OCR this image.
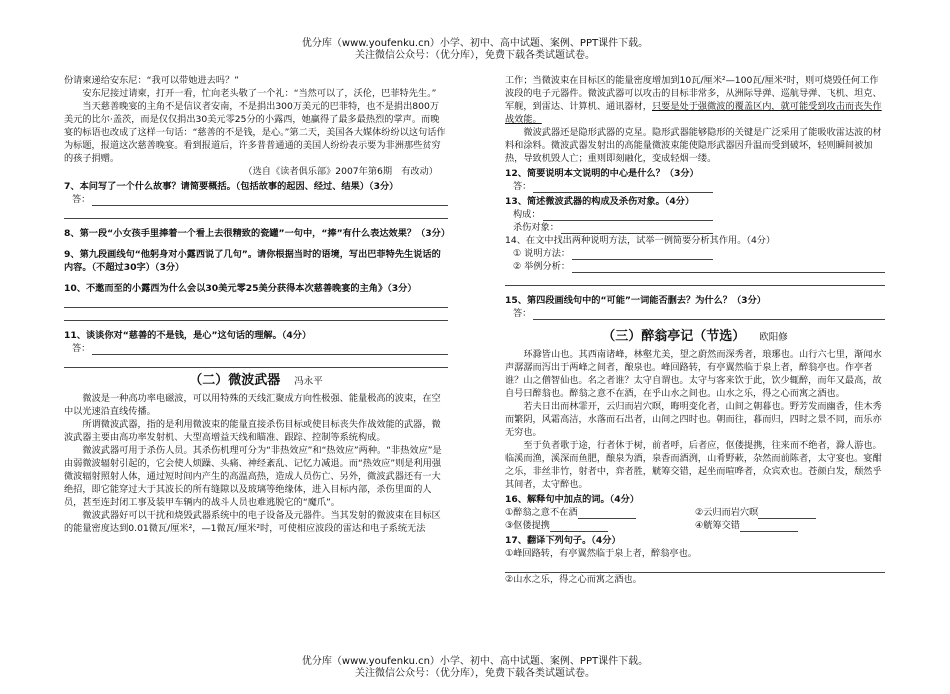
优分库（www.youfenku.cn）小学、初中、高中试题、案例、PPT课件下载。
关注微信公众号：（优分库），免费下载各类试题试卷。

份请柬递给安东尼：“我可以带她进去吗？”

安东尼接过请柬，打开一看，忙向老头敬了一个礼：“当然可以了，沃伦，巴菲特先生。”

当天慈善晚宴的主角不是信议者安南，不是捐出300万美元的巴菲特，也不是捐出800万美元的比尔·盖茨，而是仅仅捐出30美元零25分的小露西，她赢得了最多最热烈的掌声。而晚宴的标语也改成了这样一句话：“慈善的不是钱，是心。”第二天，美国各大媒体纷纷以这句话作为标题，报道这次慈善晚宴。看到报道后，许多普普通通的美国人纷纷表示要为非洲那些贫穷的孩子捐赠。

（选自《读者俱乐部》2007年第6期　有改动）

7、本问写了一个什么故事？请简要概括。（包括故事的起因、经过、结果）（3分）

答：

8、第一段“小女孩手里捧着一个看上去很精致的瓷罐”一句中，“捧”有什么表达效果？（3分）

9、第九段画线句“他躬身对小露西说了几句”。请你根据当时的语境，写出巴菲特先生说话的内容。（不超过30字）（3分）

10、不邀而至的小露西为什么会以30美元零25美分获得本次慈善晚宴的主角》（3分）

11、谈谈你对“慈善的不是钱，是心”这句话的理解。（4分）

答：
（二）微波武器 冯永平

微波是一种高功率电磁波，可以用特殊的天线汇聚成方向性极强、能量极高的波束，在空中以光速沿直线传播。

所谓微波武器，指的是利用微波束的能量直接杀伤目标或使目标丧失作战效能的武器，微波武器主要由高功率发射机、大型高增益天线和瞄准、跟踪、控制等系统构成。

微波武器可用于杀伤人员。其杀伤机理可分为“非热效应”和“热效应”两种。“非热效应”是由弱微波辐射引起的，它会使人烦躁、头痛、神经紊乱、记忆力减退。而“热效应”则是利用强微波辐射照射人体，通过短时间内产生的高温高热，造成人员伤亡、另外，微波武器还有一大绝招，即它能穿过大于其波长的所有缝隙以及玻璃等绝缘体，进入目标内部，杀伤里面的人员，甚至连封闭工事及装甲车辆内的战斗人员也难逃脱它的“魔爪”。

微波武器好可以干扰和烧毁武器系统中的电子设备及元器件。当其发射的微波束在目标区的能量密度达到0.01微瓦/厘米²，—1微瓦/厘米²时，可使相应波段的雷达和电子系统无法

工作；当微波束在目标区的能量密度增加到10瓦/厘米²—100瓦/厘米²时，则可烧毁任何工作波段的电子元器件。微波武器可以攻击的目标非常多，从洲际导弹、巡航导弹、飞机、坦克、军舰，到雷达、计算机、通讯器材，只要是处于强微波的覆盖区内，就可能受到攻击而丧失作战效能。

微波武器还是隐形武器的克星。隐形武器能够隐形的关键是广泛采用了能吸收雷达波的材料和涂料。微波武器发射出的高能量微波束能使隐形武器因升温而受到破坏，轻则瞬间被加热，导致机毁人亡；重则即刻融化，变成轻烟一缕。

12、简要说明本文说明的中心是什么？（3分）

答：

13、简述微波武器的构成及杀伤对象。（4分）

构成：
杀伤对象：

14、在文中找出两种说明方法，试举一例简要分析其作用。（4分）

① 说明方法：
② 举例分析：

15、第四段画线句中的“可能”一词能否删去？为什么？（3分）

答：
（三）醉翁亭记（节选） 欧阳修

环滁皆山也。其西南诸峰，林壑尤美，望之蔚然而深秀者，琅琊也。山行六七里，渐闻水声潺潺而泻出于两峰之间者，酿泉也。峰回路转，有亭翼然临于泉上者，醉翁亭也。作亭者谁？山之僧智仙也。名之者谁？太守自谓也。太守与客来饮于此，饮少辄醉，而年又最高，故自号曰醉翁也。醉翁之意不在酒，在乎山水之间也。山水之乐，得之心而寓之酒也。

若夫日出而林霏开，云归而岩穴暝，晦明变化者，山间之朝暮也。野芳发而幽香，佳木秀而繁阴，风霜高洁，水落而石出者，山间之四时也。朝而往，暮而归，四时之景不同，而乐亦无穷也。

至于负者歌于途，行者休于树，前者呼，后者应，伛偻提携，往来而不绝者，滁人游也。临溪而渔，溪深而鱼肥，酿泉为酒，泉香而酒洌，山肴野蔌，杂然而前陈者，太守宴也。宴酣之乐，非丝非竹，射者中，弈者胜，觥筹交错，起坐而喧哗者，众宾欢也。苍颜白发，颓然乎其间者，太守醉也。

16、解释句中加点的词。（4分）

①醉翁之意不在酒	②云归而岩穴暝
③伛偻提携	④觥筹交错

17、翻译下列句子。（4分）

①峰回路转，有亭翼然临于泉上者，醉翁亭也。

②山水之乐，得之心而寓之酒也。

优分库（www.youfenku.cn）小学、初中、高中试题、案例、PPT课件下载。
关注微信公众号：（优分库），免费下载各类试题试卷。
